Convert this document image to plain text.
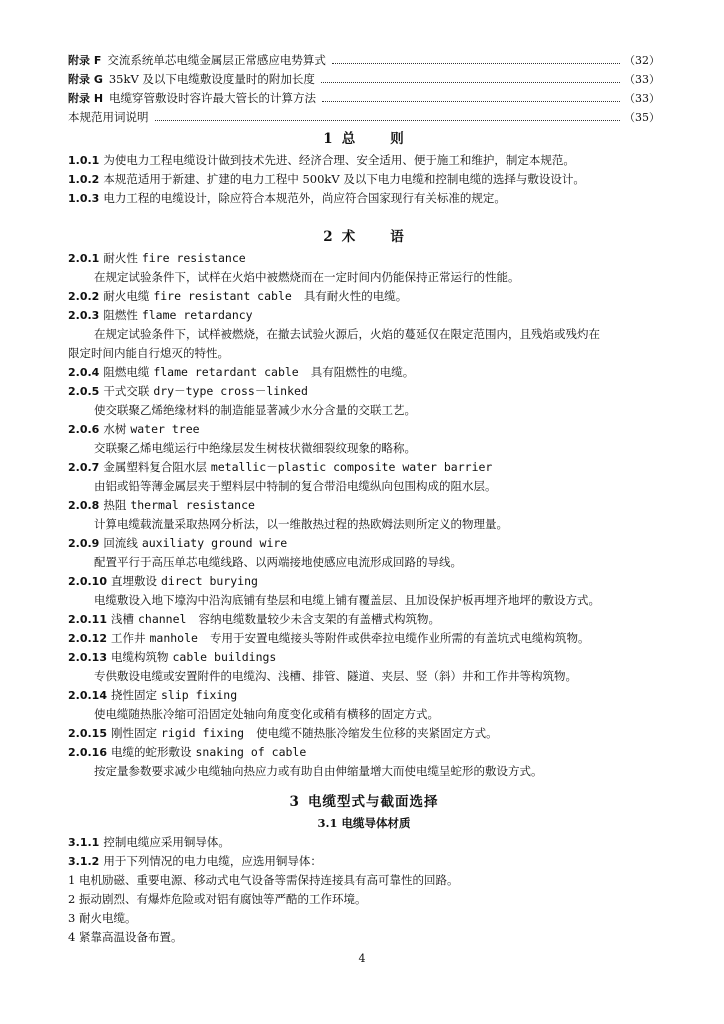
附录 F 交流系统单芯电缆金属层正常感应电势算式	（32）
附录 G 35kV 及以下电缆敷设度量时的附加长度	（33）
附录 H 电缆穿管敷设时容许最大管长的计算方法	（33）
本规范用词说明	（35）
1 总	则
1.0.1 为使电力工程电缆设计做到技术先进、经济合理、安全适用、便于施工和维护，制定本规范。
1.0.2 本规范适用于新建、扩建的电力工程中 500kV 及以下电力电缆和控制电缆的选择与敷设设计。
1.0.3 电力工程的电缆设计，除应符合本规范外，尚应符合国家现行有关标准的规定。
2 术	语
2.0.1 耐火性 fire resistance
在规定试验条件下，试样在火焰中被燃烧而在一定时间内仍能保持正常运行的性能。
2.0.2 耐火电缆 fire resistant cable 具有耐火性的电缆。
2.0.3 阻燃性 flame retardancy
在规定试验条件下，试样被燃烧，在撤去试验火源后，火焰的蔓延仅在限定范围内，且残焰或残灼在
限定时间内能自行熄灭的特性。
2.0.4 阻燃电缆 flame retardant cable 具有阻燃性的电缆。
2.0.5 干式交联 dry－type cross－linked
使交联聚乙烯绝缘材料的制造能显著减少水分含量的交联工艺。
2.0.6 水树 water tree
交联聚乙烯电缆运行中绝缘层发生树枝状微细裂纹现象的略称。
2.0.7 金属塑料复合阻水层 metallic－plastic composite water barrier
由铝或铅等薄金属层夹于塑料层中特制的复合带沿电缆纵向包围构成的阻水层。
2.0.8 热阻 thermal resistance
计算电缆载流量采取热网分析法，以一维散热过程的热欧姆法则所定义的物理量。
2.0.9 回流线 auxiliaty ground wire
配置平行于高压单芯电缆线路、以两端接地使感应电流形成回路的导线。
2.0.10 直埋敷设 direct burying
电缆敷设入地下壕沟中沿沟底铺有垫层和电缆上铺有覆盖层、且加设保护板再埋齐地坪的敷设方式。
2.0.11 浅槽 channel 容纳电缆数量较少未含支架的有盖槽式构筑物。
2.0.12 工作井 manhole 专用于安置电缆接头等附件或供牵拉电缆作业所需的有盖坑式电缆构筑物。
2.0.13 电缆构筑物 cable buildings
专供敷设电缆或安置附件的电缆沟、浅槽、排管、隧道、夹层、竖（斜）井和工作井等构筑物。
2.0.14 挠性固定 slip fixing
使电缆随热胀冷缩可沿固定处轴向角度变化或稍有横移的固定方式。
2.0.15 刚性固定 rigid fixing 使电缆不随热胀冷缩发生位移的夹紧固定方式。
2.0.16 电缆的蛇形敷设 snaking of cable
按定量参数要求减少电缆轴向热应力或有助自由伸缩量增大而使电缆呈蛇形的敷设方式。
3 电缆型式与截面选择
3.1 电缆导体材质
3.1.1 控制电缆应采用铜导体。
3.1.2 用于下列情况的电力电缆，应选用铜导体：
1 电机励磁、重要电源、移动式电气设备等需保持连接具有高可靠性的回路。
2 振动剧烈、有爆炸危险或对铝有腐蚀等严酷的工作环境。
3 耐火电缆。
4 紧靠高温设备布置。
4
